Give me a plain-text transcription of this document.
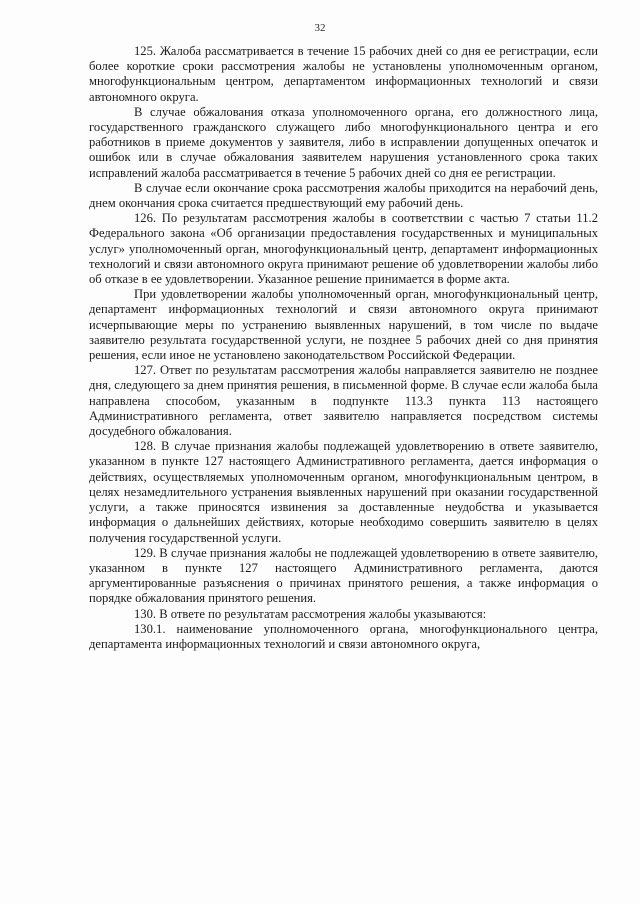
32

125. Жалоба рассматривается в течение 15 рабочих дней со дня ее регистрации, если более короткие сроки рассмотрения жалобы не установлены уполномоченным органом, многофункциональным центром, департаментом информационных технологий и связи автономного округа.

В случае обжалования отказа уполномоченного органа, его должностного лица, государственного гражданского служащего либо многофункционального центра и его работников в приеме документов у заявителя, либо в исправлении допущенных опечаток и ошибок или в случае обжалования заявителем нарушения установленного срока таких исправлений жалоба рассматривается в течение 5 рабочих дней со дня ее регистрации.

В случае если окончание срока рассмотрения жалобы приходится на нерабочий день, днем окончания срока считается предшествующий ему рабочий день.

126. По результатам рассмотрения жалобы в соответствии с частью 7 статьи 11.2 Федерального закона «Об организации предоставления государственных и муниципальных услуг» уполномоченный орган, многофункциональный центр, департамент информационных технологий и связи автономного округа принимают решение об удовлетворении жалобы либо об отказе в ее удовлетворении. Указанное решение принимается в форме акта.

При удовлетворении жалобы уполномоченный орган, многофункциональный центр, департамент информационных технологий и связи автономного округа принимают исчерпывающие меры по устранению выявленных нарушений, в том числе по выдаче заявителю результата государственной услуги, не позднее 5 рабочих дней со дня принятия решения, если иное не установлено законодательством Российской Федерации.

127. Ответ по результатам рассмотрения жалобы направляется заявителю не позднее дня, следующего за днем принятия решения, в письменной форме. В случае если жалоба была направлена способом, указанным в подпункте 113.3 пункта 113 настоящего Административного регламента, ответ заявителю направляется посредством системы досудебного обжалования.

128. В случае признания жалобы подлежащей удовлетворению в ответе заявителю, указанном в пункте 127 настоящего Административного регламента, дается информация о действиях, осуществляемых уполномоченным органом, многофункциональным центром, в целях незамедлительного устранения выявленных нарушений при оказании государственной услуги, а также приносятся извинения за доставленные неудобства и указывается информация о дальнейших действиях, которые необходимо совершить заявителю в целях получения государственной услуги.

129. В случае признания жалобы не подлежащей удовлетворению в ответе заявителю, указанном в пункте 127 настоящего Административного регламента, даются аргументированные разъяснения о причинах принятого решения, а также информация о порядке обжалования принятого решения.

130. В ответе по результатам рассмотрения жалобы указываются:

130.1. наименование уполномоченного органа, многофункционального центра, департамента информационных технологий и связи автономного округа,
